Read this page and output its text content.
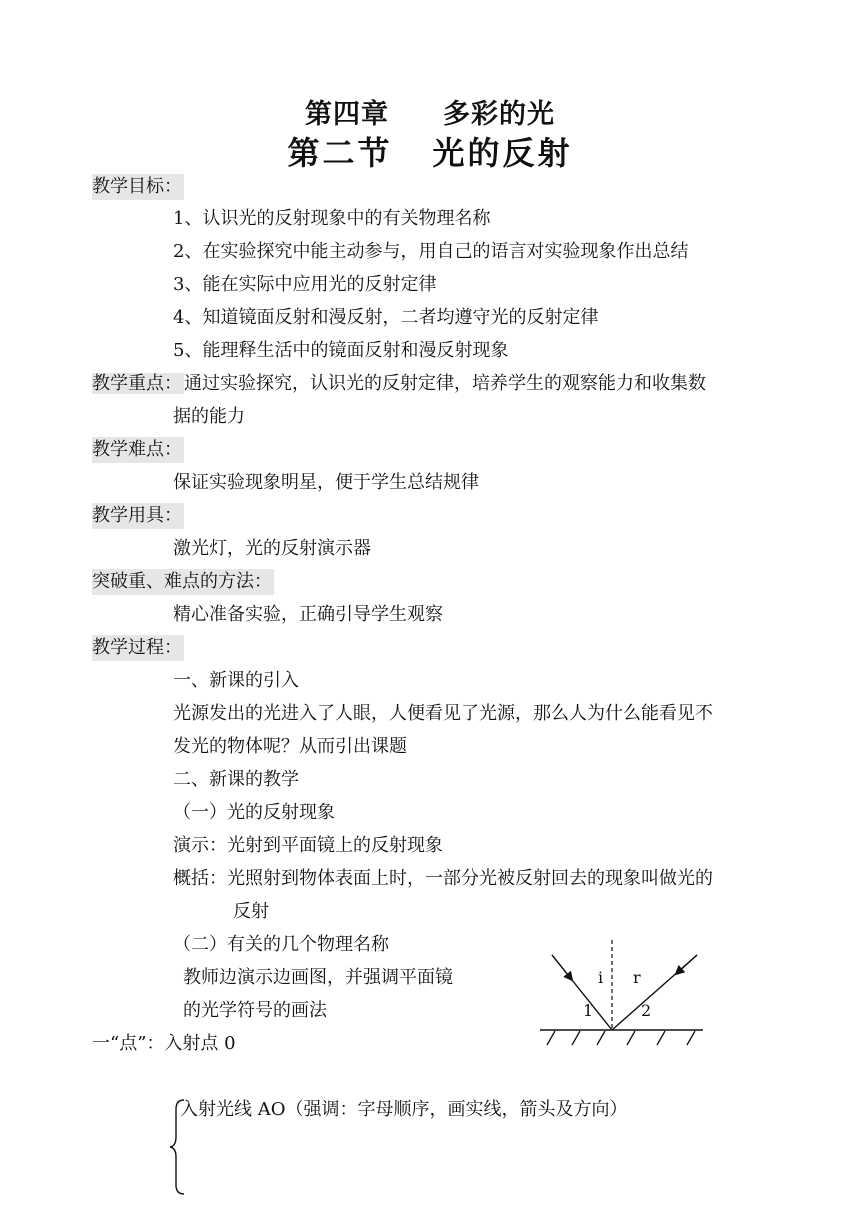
第四章 多彩的光
第二节 光的反射
教学目标：
1、认识光的反射现象中的有关物理名称
2、在实验探究中能主动参与，用自己的语言对实验现象作出总结
3、能在实际中应用光的反射定律
4、知道镜面反射和漫反射，二者均遵守光的反射定律
5、能理释生活中的镜面反射和漫反射现象
教学重点： 通过实验探究，认识光的反射定律，培养学生的观察能力和收集数
据的能力
教学难点：
保证实验现象明星，便于学生总结规律
教学用具：
激光灯，光的反射演示器
突破重、难点的方法：
精心准备实验，正确引导学生观察
教学过程：
一、新课的引入
光源发出的光进入了人眼，人便看见了光源，那么人为什么能看见不
发光的物体呢？从而引出课题
二、新课的教学
（一）光的反射现象
演示：光射到平面镜上的反射现象
概括：光照射到物体表面上时，一部分光被反射回去的现象叫做光的
反射
（二）有关的几个物理名称
教师边演示边画图，并强调平面镜
的光学符号的画法
一“点”：入射点 0
i r
1	2
入射光线 AO（强调：字母顺序，画实线，箭头及方向）
